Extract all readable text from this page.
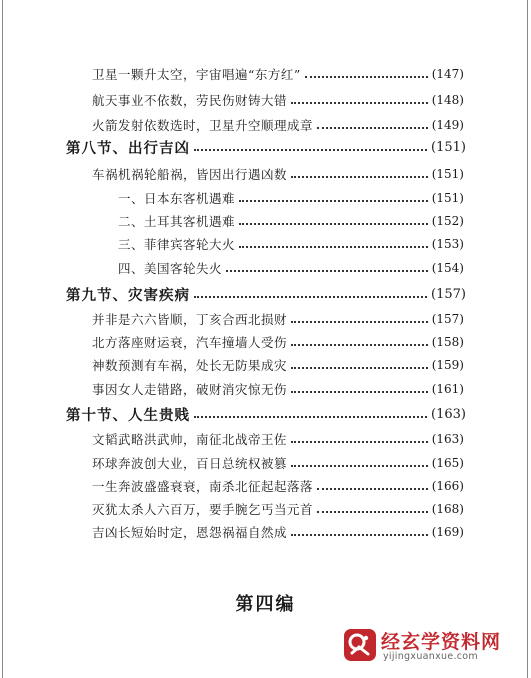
卫星一颗升太空，宇宙唱遍“东方红”	(147)
航天事业不依数，劳民伤财铸大错	(148)
火箭发射依数选时，卫星升空顺理成章	(149)
第八节、出行吉凶	(151)
车祸机祸轮船祸，皆因出行遇凶数	(151)
一、日本东客机遇难	(151)
二、土耳其客机遇难	(152)
三、菲律宾客轮大火	(153)
四、美国客轮失火	(154)
第九节、灾害疾病	(157)
并非是六六皆顺，丁亥合西北损财	(157)
北方落座财运衰，汽车撞墙人受伤	(158)
神数预测有车祸，处长无防果成灾	(159)
事因女人走错路，破财消灾惊无伤	(161)
第十节、人生贵贱	(163)
文韬武略洪武帅，南征北战帝王佐	(163)
环球奔波创大业，百日总统权被篡	(165)
一生奔波盛盛衰衰，南杀北征起起落落	(166)
灭犹太杀人六百万，要手腕乞丐当元首	(168)
吉凶长短始时定，恩怨祸福自然成	(169)
第四编
经玄学资料网
yijingxuanxue.com
